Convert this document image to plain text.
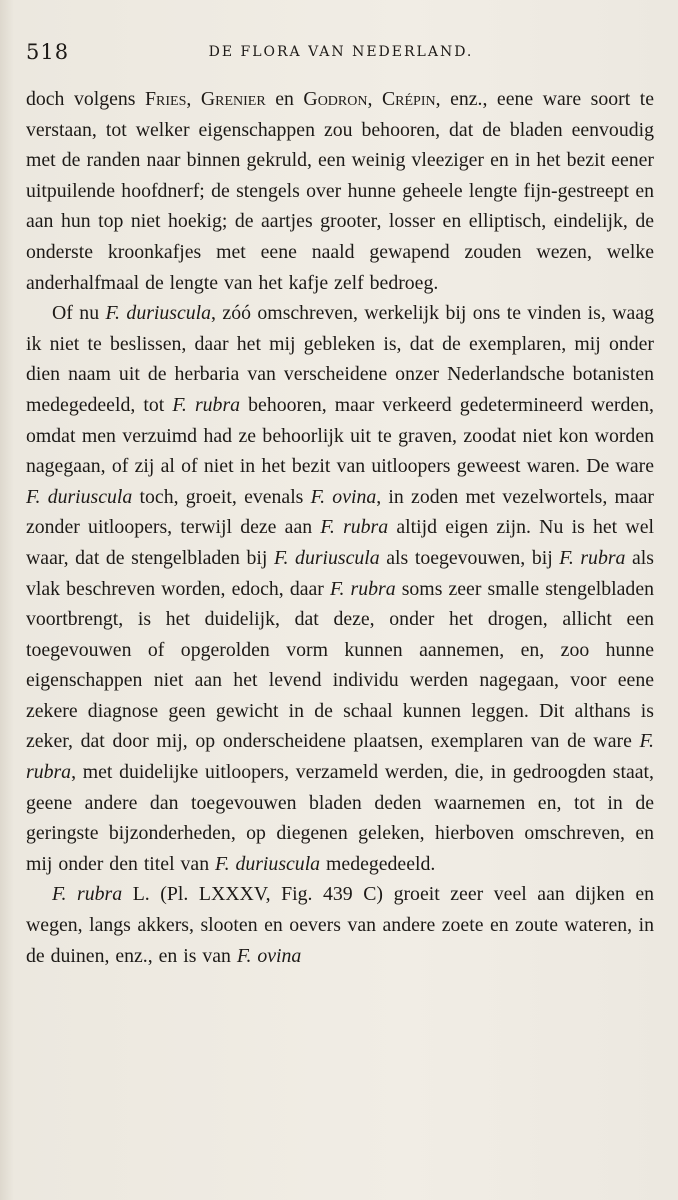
518	DE FLORA VAN NEDERLAND.

doch volgens Fries, Grenier en Godron, Crépin, enz., eene ware soort te verstaan, tot welker eigenschappen zou behooren, dat de bladen eenvoudig met de randen naar binnen gekruld, een weinig vleeziger en in het bezit eener uitpuilende hoofdnerf; de stengels over hunne geheele lengte fijn-gestreept en aan hun top niet hoekig; de aartjes grooter, losser en elliptisch, eindelijk, de onderste kroonkafjes met eene naald gewapend zouden wezen, welke anderhalfmaal de lengte van het kafje zelf bedroeg.

Of nu F. duriuscula, zóó omschreven, werkelijk bij ons te vinden is, waag ik niet te beslissen, daar het mij gebleken is, dat de exemplaren, mij onder dien naam uit de herbaria van verscheidene onzer Nederlandsche botanisten medegedeeld, tot F. rubra behooren, maar verkeerd gedetermineerd werden, omdat men verzuimd had ze behoorlijk uit te graven, zoodat niet kon worden nagegaan, of zij al of niet in het bezit van uitloopers geweest waren. De ware F. duriuscula toch, groeit, evenals F. ovina, in zoden met vezelwortels, maar zonder uitloopers, terwijl deze aan F. rubra altijd eigen zijn. Nu is het wel waar, dat de stengelbladen bij F. duriuscula als toegevouwen, bij F. rubra als vlak beschreven worden, edoch, daar F. rubra soms zeer smalle stengelbladen voortbrengt, is het duidelijk, dat deze, onder het drogen, allicht een toegevouwen of opgerolden vorm kunnen aannemen, en, zoo hunne eigenschappen niet aan het levend individu werden nagegaan, voor eene zekere diagnose geen gewicht in de schaal kunnen leggen. Dit althans is zeker, dat door mij, op onderscheidene plaatsen, exemplaren van de ware F. rubra, met duidelijke uitloopers, verzameld werden, die, in gedroogden staat, geene andere dan toegevouwen bladen deden waarnemen en, tot in de geringste bijzonderheden, op diegenen geleken, hierboven omschreven, en mij onder den titel van F. duriuscula medegedeeld.

F. rubra L. (Pl. LXXXV, Fig. 439 C) groeit zeer veel aan dijken en wegen, langs akkers, slooten en oevers van andere zoete en zoute wateren, in de duinen, enz., en is van F. ovina
